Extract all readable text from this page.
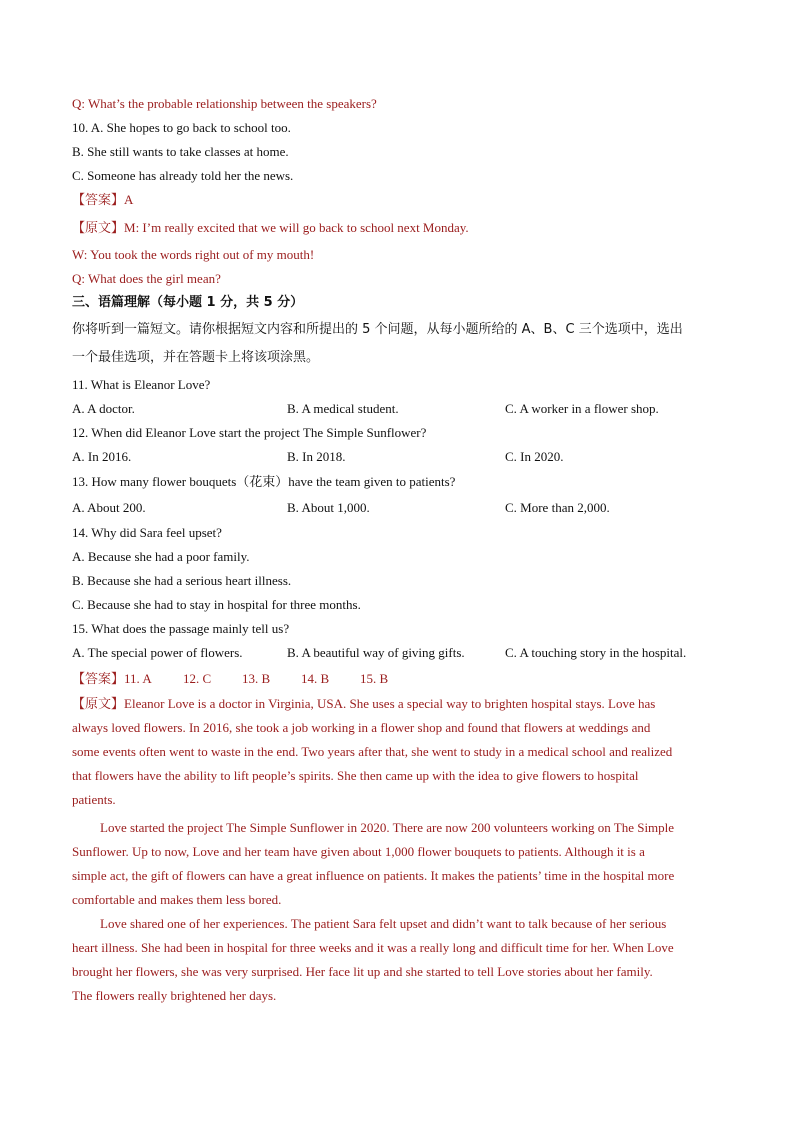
Q: What’s the probable relationship between the speakers?
10. A. She hopes to go back to school too.
B. She still wants to take classes at home.
C. Someone has already told her the news.
【答案】A
【原文】M: I’m really excited that we will go back to school next Monday.
W: You took the words right out of my mouth!
Q: What does the girl mean?
三、语篇理解（每小题 1 分，共 5 分）
你将听到一篇短文。请你根据短文内容和所提出的 5 个问题，从每小题所给的 A、B、C 三个选项中，选出
一个最佳选项，并在答题卡上将该项涂黑。
11. What is Eleanor Love?
A. A doctor.	B. A medical student.	C. A worker in a flower shop.
12. When did Eleanor Love start the project The Simple Sunflower?
A. In 2016.	B. In 2018.	C. In 2020.
13. How many flower bouquets（花束）have the team given to patients?
A. About 200.	B. About 1,000.	C. More than 2,000.
14. Why did Sara feel upset?
A. Because she had a poor family.
B. Because she had a serious heart illness.
C. Because she had to stay in hospital for three months.
15. What does the passage mainly tell us?
A. The special power of flowers.	B. A beautiful way of giving gifts.	C. A touching story in the hospital.
【答案】11. A 12. C 13. B 14. B 15. B
【原文】Eleanor Love is a doctor in Virginia, USA. She uses a special way to brighten hospital stays. Love has
always loved flowers. In 2016, she took a job working in a flower shop and found that flowers at weddings and
some events often went to waste in the end. Two years after that, she went to study in a medical school and realized
that flowers have the ability to lift people’s spirits. She then came up with the idea to give flowers to hospital
patients.
Love started the project The Simple Sunflower in 2020. There are now 200 volunteers working on The Simple
Sunflower. Up to now, Love and her team have given about 1,000 flower bouquets to patients. Although it is a
simple act, the gift of flowers can have a great influence on patients. It makes the patients’ time in the hospital more
comfortable and makes them less bored.
Love shared one of her experiences. The patient Sara felt upset and didn’t want to talk because of her serious
heart illness. She had been in hospital for three weeks and it was a really long and difficult time for her. When Love
brought her flowers, she was very surprised. Her face lit up and she started to tell Love stories about her family.
The flowers really brightened her days.
